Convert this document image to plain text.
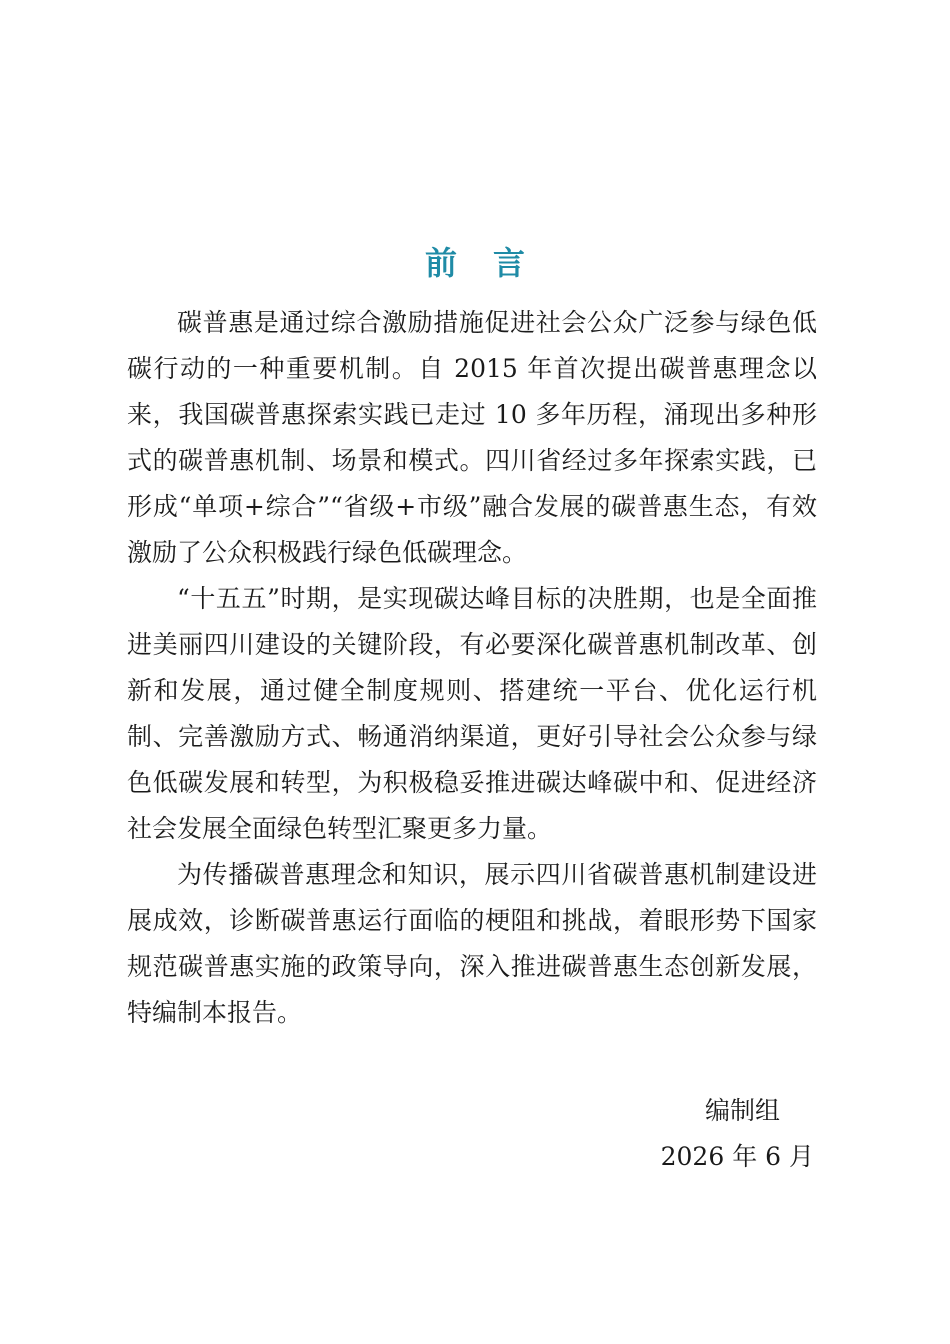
前言

碳普惠是通过综合激励措施促进社会公众广泛参与绿色低碳行动的一种重要机制。自 2015 年首次提出碳普惠理念以来，我国碳普惠探索实践已走过 10 多年历程，涌现出多种形式的碳普惠机制、场景和模式。四川省经过多年探索实践，已形成“单项+综合”“省级+市级”融合发展的碳普惠生态，有效激励了公众积极践行绿色低碳理念。

“十五五”时期，是实现碳达峰目标的决胜期，也是全面推进美丽四川建设的关键阶段，有必要深化碳普惠机制改革、创新和发展，通过健全制度规则、搭建统一平台、优化运行机制、完善激励方式、畅通消纳渠道，更好引导社会公众参与绿色低碳发展和转型，为积极稳妥推进碳达峰碳中和、促进经济社会发展全面绿色转型汇聚更多力量。

为传播碳普惠理念和知识，展示四川省碳普惠机制建设进展成效，诊断碳普惠运行面临的梗阻和挑战，着眼形势下国家规范碳普惠实施的政策导向，深入推进碳普惠生态创新发展，特编制本报告。

编制组
2026 年 6 月
